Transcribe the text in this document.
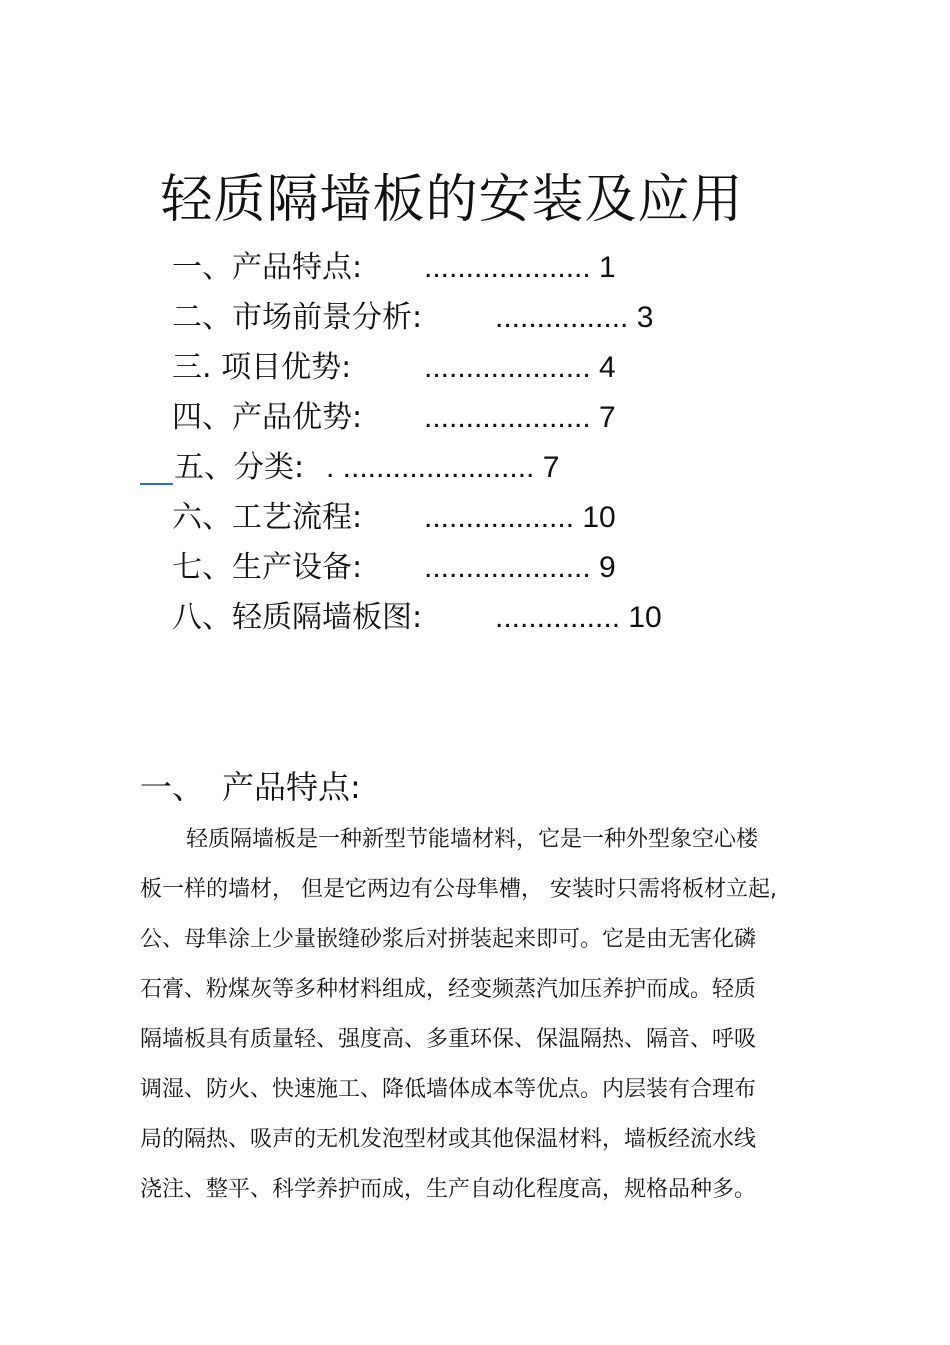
轻质隔墙板的安装及应用
一、产品特点: .................... 1
二、市场前景分析: ................ 3
三. 项目优势: .................... 4
四、产品优势: .................... 7
五、分类: . ....................... 7
六、工艺流程: .................. 10
七、生产设备: .................... 9
八、轻质隔墙板图: ............... 10
一、 产品特点:
轻质隔墙板是一种新型节能墙材料，它是一种外型象空心楼
板一样的墙材， 但是它两边有公母隼槽， 安装时只需将板材立起,
公、母隼涂上少量嵌缝砂浆后对拼装起来即可。它是由无害化磷
石膏、粉煤灰等多种材料组成，经变频蒸汽加压养护而成。轻质
隔墙板具有质量轻、强度高、多重环保、保温隔热、隔音、呼吸
调湿、防火、快速施工、降低墙体成本等优点。内层装有合理布
局的隔热、吸声的无机发泡型材或其他保温材料，墙板经流水线
浇注、整平、科学养护而成，生产自动化程度高，规格品种多。
